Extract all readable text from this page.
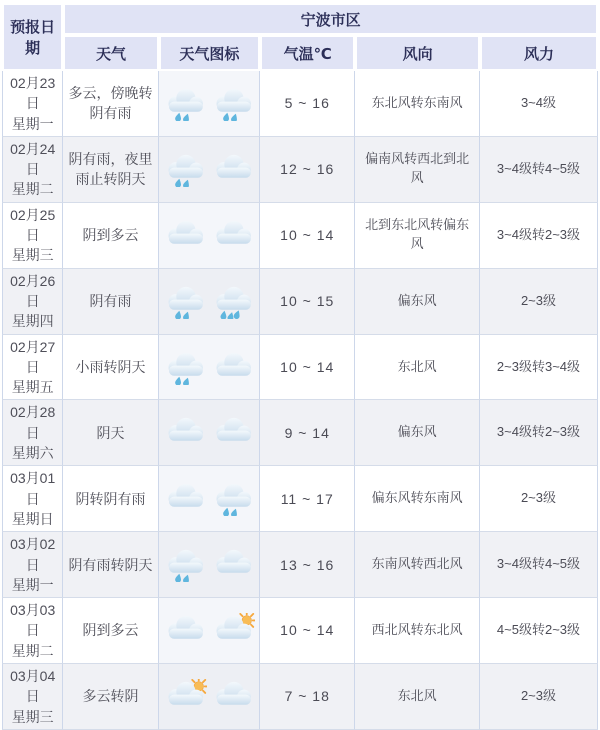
预报日期	宁波市区				
	天气	天气图标	气温℃	风向	风力

02月23日
星期一	多云，傍晚转阴有雨		5 ~ 16	东北风转东南风	3~4级

02月24日
星期二	阴有雨，夜里雨止转阴天		12 ~ 16	偏南风转西北到北风	3~4级转4~5级

02月25日
星期三	阴到多云		10 ~ 14	北到东北风转偏东风	3~4级转2~3级

02月26日
星期四	阴有雨		10 ~ 15	偏东风	2~3级

02月27日
星期五	小雨转阴天		10 ~ 14	东北风	2~3级转3~4级

02月28日
星期六	阴天		9 ~ 14	偏东风	3~4级转2~3级

03月01日
星期日	阴转阴有雨		11 ~ 17	偏东风转东南风	2~3级

03月02日
星期一	阴有雨转阴天		13 ~ 16	东南风转西北风	3~4级转4~5级

03月03日
星期二	阴到多云		10 ~ 14	西北风转东北风	4~5级转2~3级

03月04日
星期三	多云转阴		7 ~ 18	东北风	2~3级
